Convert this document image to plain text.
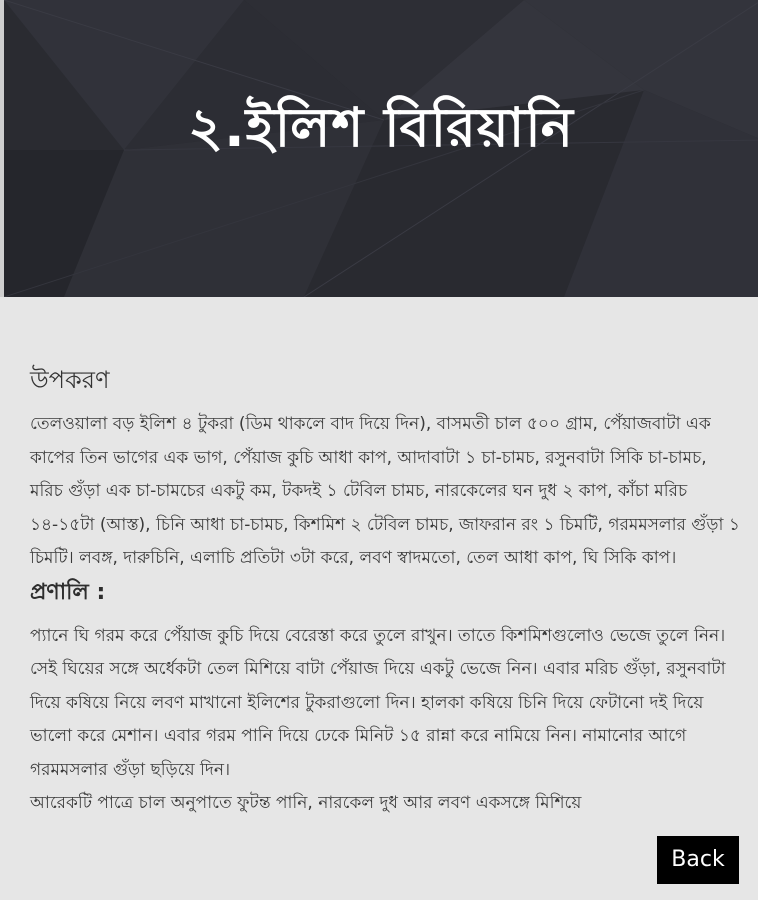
২.ইলিশ বিরিয়ানি
উপকরণ

তেলওয়ালা বড় ইলিশ ৪ টুকরা (ডিম থাকলে বাদ দিয়ে দিন), বাসমতী চাল ৫০০ গ্রাম, পেঁয়াজবাটা এক কাপের তিন ভাগের এক ভাগ, পেঁয়াজ কুচি আধা কাপ, আদাবাটা ১ চা-চামচ, রসুনবাটা সিকি চা-চামচ, মরিচ গুঁড়া এক চা-চামচের একটু কম, টকদই ১ টেবিল চামচ, নারকেলের ঘন দুধ ২ কাপ, কাঁচা মরিচ ১৪-১৫টা (আস্ত), চিনি আধা চা-চামচ, কিশমিশ ২ টেবিল চামচ, জাফরান রং ১ চিমটি, গরমমসলার গুঁড়া ১ চিমটি। লবঙ্গ, দারুচিনি, এলাচি প্রতিটা ৩টা করে, লবণ স্বাদমতো, তেল আধা কাপ, ঘি সিকি কাপ।

প্রণালি :

প্যানে ঘি গরম করে পেঁয়াজ কুচি দিয়ে বেরেস্তা করে তুলে রাখুন। তাতে কিশমিশগুলোও ভেজে তুলে নিন। সেই ঘিয়ের সঙ্গে অর্ধেকটা তেল মিশিয়ে বাটা পেঁয়াজ দিয়ে একটু ভেজে নিন। এবার মরিচ গুঁড়া, রসুনবাটা দিয়ে কষিয়ে নিয়ে লবণ মাখানো ইলিশের টুকরাগুলো দিন। হালকা কষিয়ে চিনি দিয়ে ফেটানো দই দিয়ে ভালো করে মেশান। এবার গরম পানি দিয়ে ঢেকে মিনিট ১৫ রান্না করে নামিয়ে নিন। নামানোর আগে গরমমসলার গুঁড়া ছড়িয়ে দিন।

আরেকটি পাত্রে চাল অনুপাতে ফুটন্ত পানি, নারকেল দুধ আর লবণ একসঙ্গে মিশিয়ে

Back
